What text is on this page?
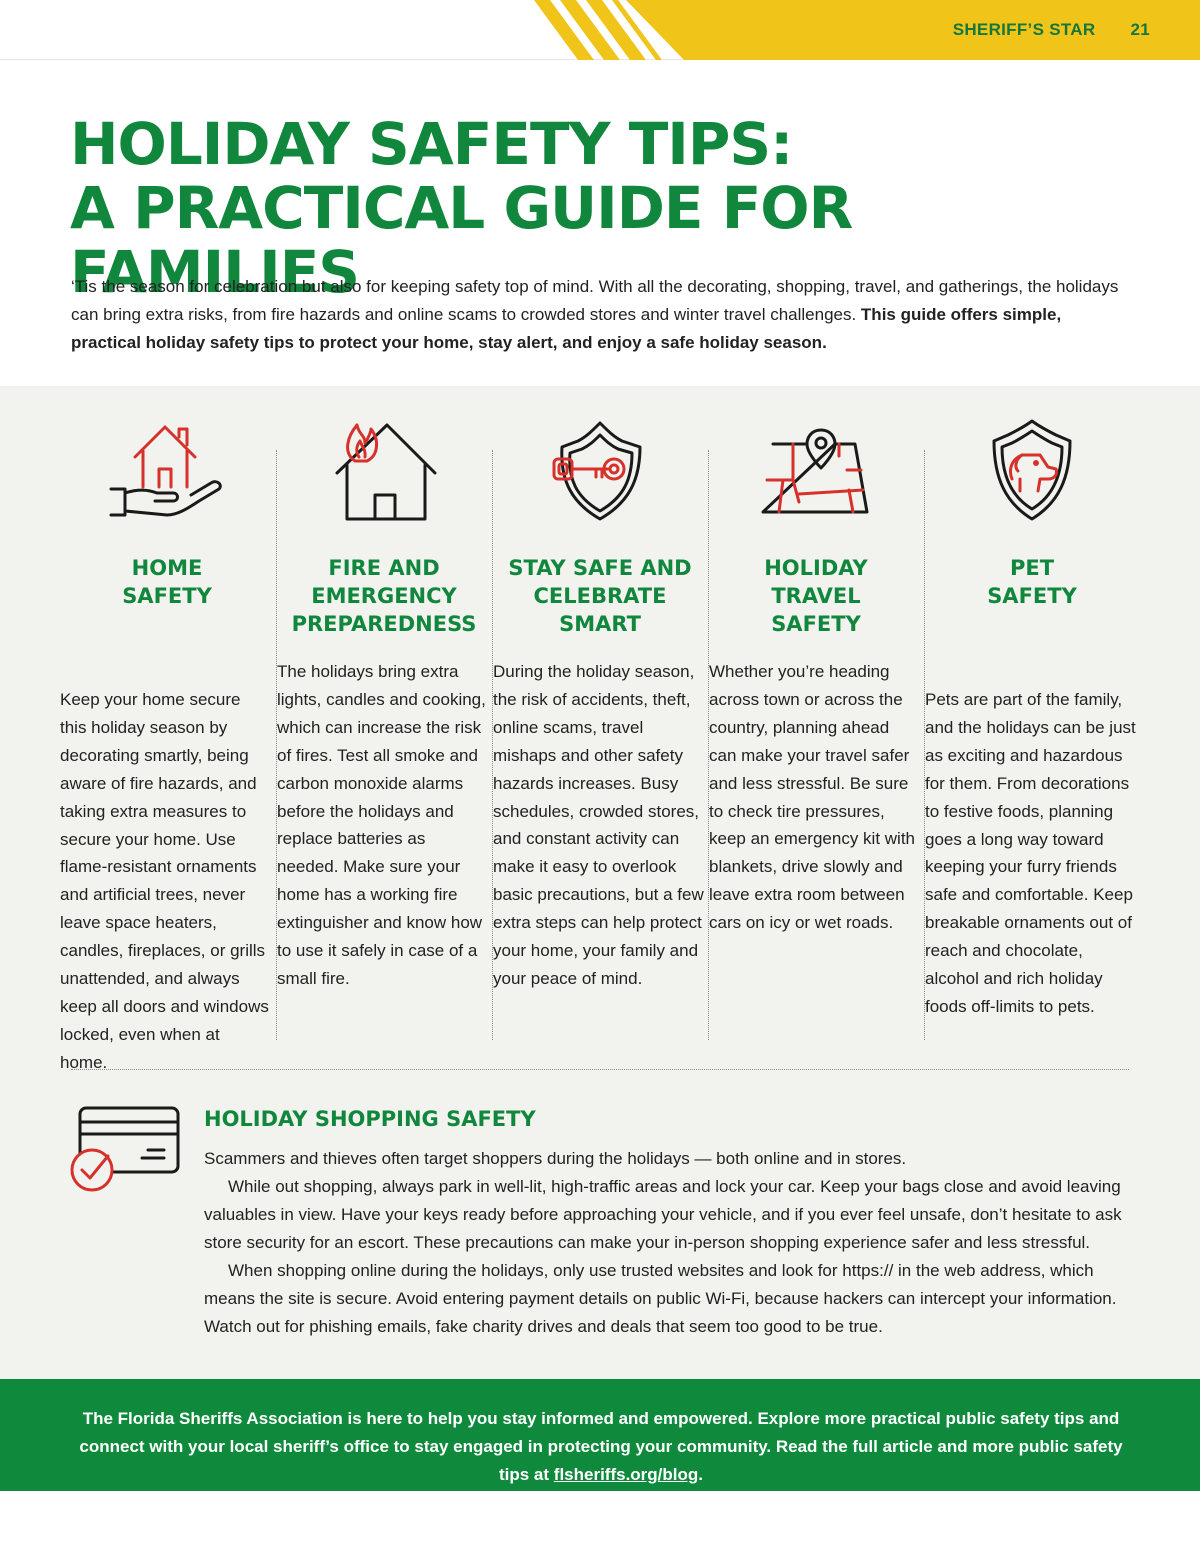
SHERIFF’S STAR 21
HOLIDAY SAFETY TIPS:
A PRACTICAL GUIDE FOR FAMILIES

‘Tis the season for celebration but also for keeping safety top of mind. With all the decorating, shopping, travel, and gatherings, the holidays can bring extra risks, from fire hazards and online scams to crowded stores and winter travel challenges. This guide offers simple, practical holiday safety tips to protect your home, stay alert, and enjoy a safe holiday season.

HOME
SAFETY

Keep your home secure this holiday season by decorating smartly, being aware of fire hazards, and taking extra measures to secure your home. Use flame-resistant ornaments and artificial trees, never leave space heaters, candles, fireplaces, or grills unattended, and always keep all doors and windows locked, even when at home.

FIRE AND
EMERGENCY
PREPAREDNESS

The holidays bring extra lights, candles and cooking, which can increase the risk of fires. Test all smoke and carbon monoxide alarms before the holidays and replace batteries as needed. Make sure your home has a working fire extinguisher and know how to use it safely in case of a small fire.

STAY SAFE AND
CELEBRATE
SMART

During the holiday season, the risk of accidents, theft, online scams, travel mishaps and other safety hazards increases. Busy schedules, crowded stores, and constant activity can make it easy to overlook basic precautions, but a few extra steps can help protect your home, your family and your peace of mind.

HOLIDAY
TRAVEL
SAFETY

Whether you’re heading across town or across the country, planning ahead can make your travel safer and less stressful. Be sure to check tire pressures, keep an emergency kit with blankets, drive slowly and leave extra room between cars on icy or wet roads.

PET
SAFETY

Pets are part of the family, and the holidays can be just as exciting and hazardous for them. From decorations to festive foods, planning goes a long way toward keeping your furry friends safe and comfortable. Keep breakable ornaments out of reach and chocolate, alcohol and rich holiday foods off-limits to pets.

HOLIDAY SHOPPING SAFETY

Scammers and thieves often target shoppers during the holidays — both online and in stores.

While out shopping, always park in well-lit, high-traffic areas and lock your car. Keep your bags close and avoid leaving valuables in view. Have your keys ready before approaching your vehicle, and if you ever feel unsafe, don’t hesitate to ask store security for an escort. These precautions can make your in-person shopping experience safer and less stressful.

When shopping online during the holidays, only use trusted websites and look for https:// in the web address, which means the site is secure. Avoid entering payment details on public Wi-Fi, because hackers can intercept your information. Watch out for phishing emails, fake charity drives and deals that seem too good to be true.

The Florida Sheriffs Association is here to help you stay informed and empowered. Explore more practical public safety tips and connect with your local sheriff’s office to stay engaged in protecting your community. Read the full article and more public safety tips at flsheriffs.org/blog.
